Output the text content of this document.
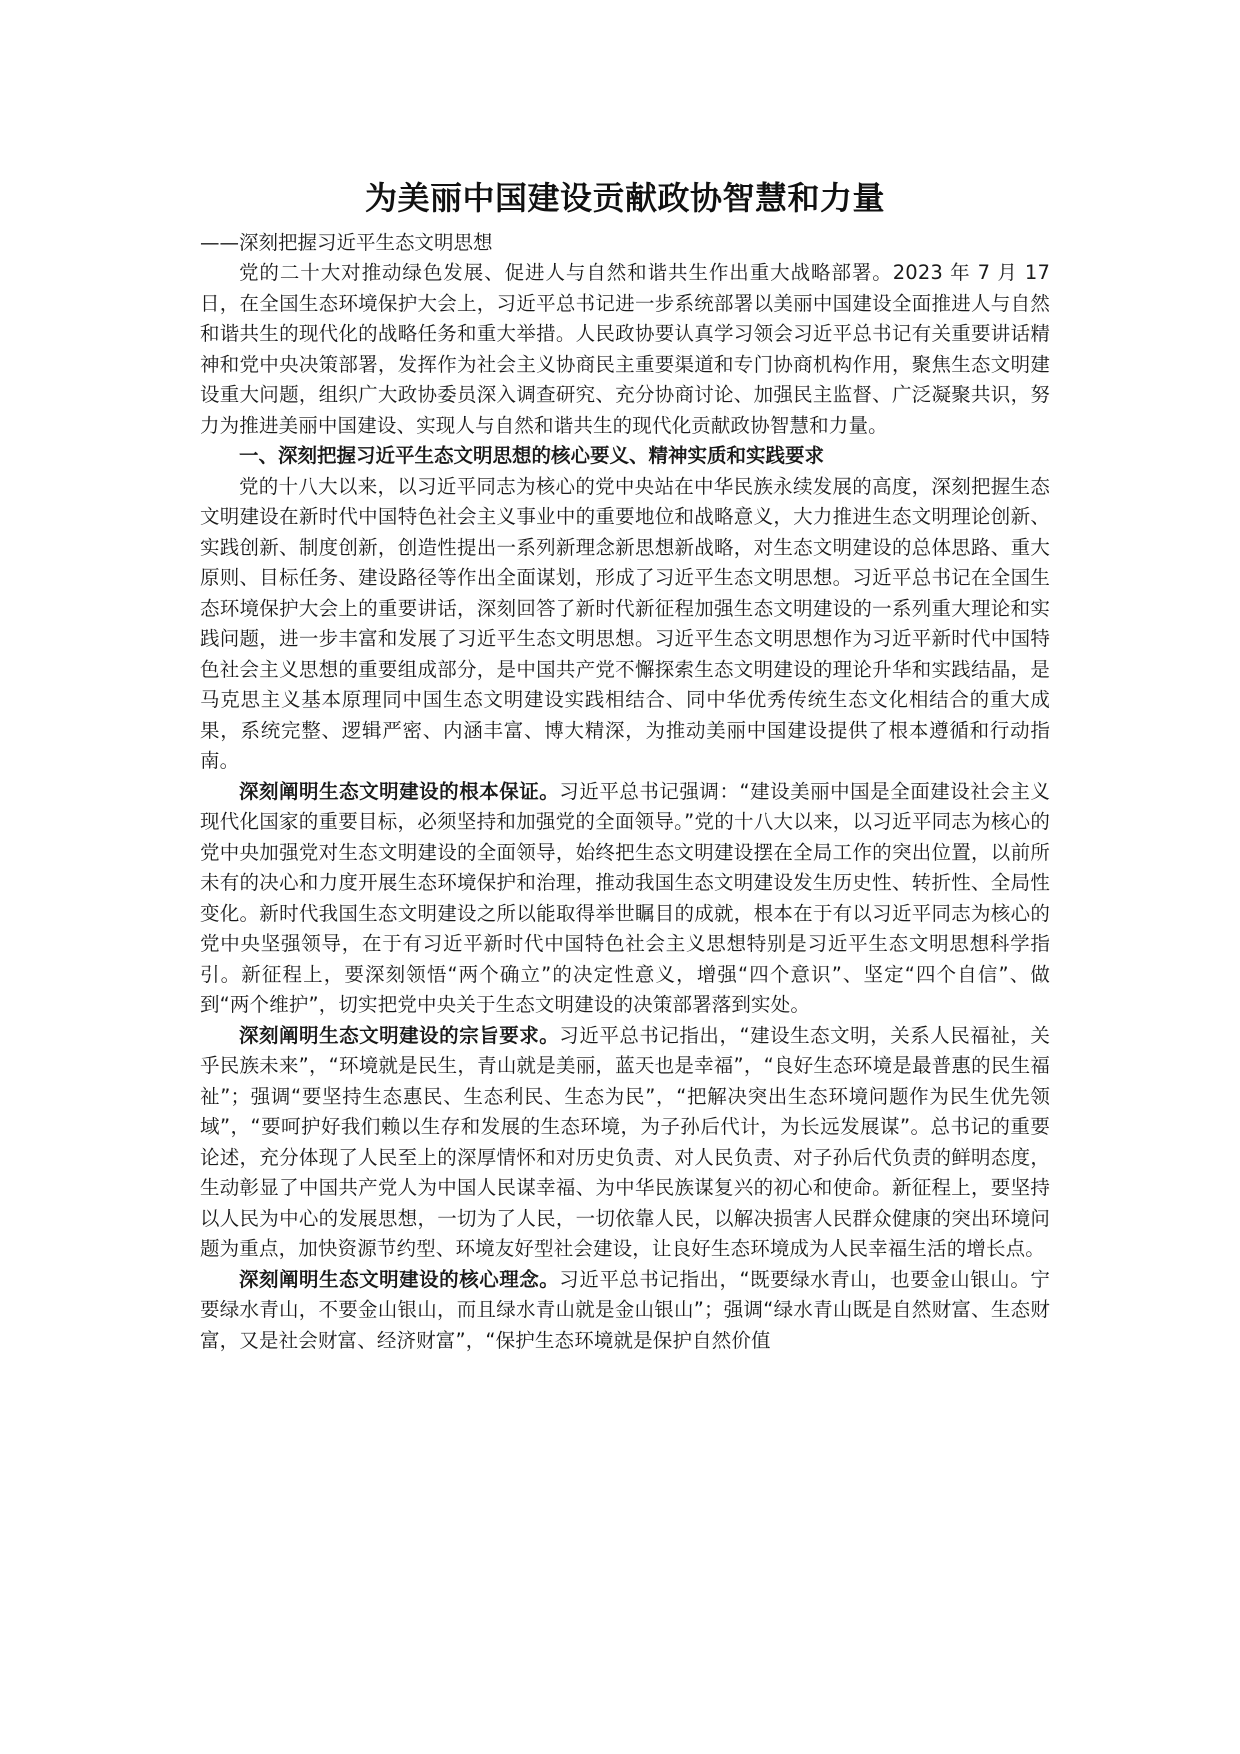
为美丽中国建设贡献政协智慧和力量

——深刻把握习近平生态文明思想

党的二十大对推动绿色发展、促进人与自然和谐共生作出重大战略部署。2023 年 7 月 17 日，在全国生态环境保护大会上，习近平总书记进一步系统部署以美丽中国建设全面推进人与自然和谐共生的现代化的战略任务和重大举措。人民政协要认真学习领会习近平总书记有关重要讲话精神和党中央决策部署，发挥作为社会主义协商民主重要渠道和专门协商机构作用，聚焦生态文明建设重大问题，组织广大政协委员深入调查研究、充分协商讨论、加强民主监督、广泛凝聚共识，努力为推进美丽中国建设、实现人与自然和谐共生的现代化贡献政协智慧和力量。

一、深刻把握习近平生态文明思想的核心要义、精神实质和实践要求

党的十八大以来，以习近平同志为核心的党中央站在中华民族永续发展的高度，深刻把握生态文明建设在新时代中国特色社会主义事业中的重要地位和战略意义，大力推进生态文明理论创新、实践创新、制度创新，创造性提出一系列新理念新思想新战略，对生态文明建设的总体思路、重大原则、目标任务、建设路径等作出全面谋划，形成了习近平生态文明思想。习近平总书记在全国生态环境保护大会上的重要讲话，深刻回答了新时代新征程加强生态文明建设的一系列重大理论和实践问题，进一步丰富和发展了习近平生态文明思想。习近平生态文明思想作为习近平新时代中国特色社会主义思想的重要组成部分，是中国共产党不懈探索生态文明建设的理论升华和实践结晶，是马克思主义基本原理同中国生态文明建设实践相结合、同中华优秀传统生态文化相结合的重大成果，系统完整、逻辑严密、内涵丰富、博大精深，为推动美丽中国建设提供了根本遵循和行动指南。

深刻阐明生态文明建设的根本保证。习近平总书记强调：“建设美丽中国是全面建设社会主义现代化国家的重要目标，必须坚持和加强党的全面领导。”党的十八大以来，以习近平同志为核心的党中央加强党对生态文明建设的全面领导，始终把生态文明建设摆在全局工作的突出位置，以前所未有的决心和力度开展生态环境保护和治理，推动我国生态文明建设发生历史性、转折性、全局性变化。新时代我国生态文明建设之所以能取得举世瞩目的成就，根本在于有以习近平同志为核心的党中央坚强领导，在于有习近平新时代中国特色社会主义思想特别是习近平生态文明思想科学指引。新征程上，要深刻领悟“两个确立”的决定性意义，增强“四个意识”、坚定“四个自信”、做到“两个维护”，切实把党中央关于生态文明建设的决策部署落到实处。

深刻阐明生态文明建设的宗旨要求。习近平总书记指出，“建设生态文明，关系人民福祉，关乎民族未来”，“环境就是民生，青山就是美丽，蓝天也是幸福”，“良好生态环境是最普惠的民生福祉”；强调“要坚持生态惠民、生态利民、生态为民”，“把解决突出生态环境问题作为民生优先领域”，“要呵护好我们赖以生存和发展的生态环境，为子孙后代计，为长远发展谋”。总书记的重要论述，充分体现了人民至上的深厚情怀和对历史负责、对人民负责、对子孙后代负责的鲜明态度，生动彰显了中国共产党人为中国人民谋幸福、为中华民族谋复兴的初心和使命。新征程上，要坚持以人民为中心的发展思想，一切为了人民，一切依靠人民，以解决损害人民群众健康的突出环境问题为重点，加快资源节约型、环境友好型社会建设，让良好生态环境成为人民幸福生活的增长点。

深刻阐明生态文明建设的核心理念。习近平总书记指出，“既要绿水青山，也要金山银山。宁要绿水青山，不要金山银山，而且绿水青山就是金山银山”；强调“绿水青山既是自然财富、生态财富，又是社会财富、经济财富”，“保护生态环境就是保护自然价值
